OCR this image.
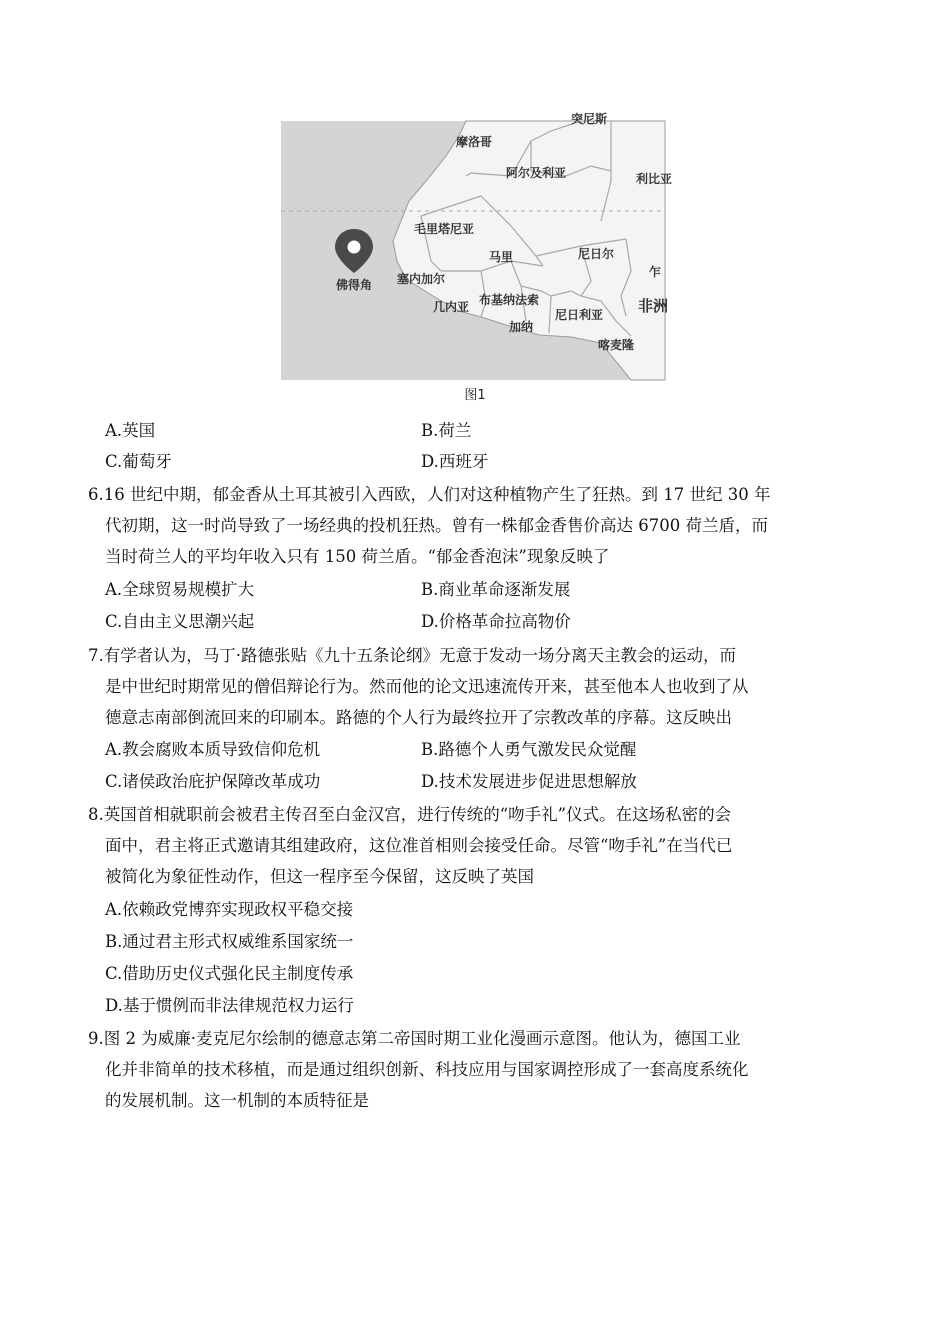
突尼斯
摩洛哥
阿尔及利亚	利比亚
毛里塔尼亚
马里	尼日尔
乍
佛得角 塞内加尔
布基纳法索
几内亚
尼日利亚 非洲
加纳
喀麦隆
图1
A.英国	B.荷兰
C.葡萄牙	D.西班牙
6.16 世纪中期，郁金香从土耳其被引入西欧，人们对这种植物产生了狂热。到 17 世纪 30 年
代初期，这一时尚导致了一场经典的投机狂热。曾有一株郁金香售价高达 6700 荷兰盾，而
当时荷兰人的平均年收入只有 150 荷兰盾。“郁金香泡沫”现象反映了
A.全球贸易规模扩大	B.商业革命逐渐发展
C.自由主义思潮兴起	D.价格革命拉高物价
7.有学者认为，马丁·路德张贴《九十五条论纲》无意于发动一场分离天主教会的运动，而
是中世纪时期常见的僧侣辩论行为。然而他的论文迅速流传开来，甚至他本人也收到了从
德意志南部倒流回来的印刷本。路德的个人行为最终拉开了宗教改革的序幕。这反映出
A.教会腐败本质导致信仰危机	B.路德个人勇气激发民众觉醒
C.诸侯政治庇护保障改革成功	D.技术发展进步促进思想解放
8.英国首相就职前会被君主传召至白金汉宫，进行传统的“吻手礼”仪式。在这场私密的会
面中，君主将正式邀请其组建政府，这位准首相则会接受任命。尽管“吻手礼”在当代已
被简化为象征性动作，但这一程序至今保留，这反映了英国
A.依赖政党博弈实现政权平稳交接
B.通过君主形式权威维系国家统一
C.借助历史仪式强化民主制度传承
D.基于惯例而非法律规范权力运行
9.图 2 为威廉·麦克尼尔绘制的德意志第二帝国时期工业化漫画示意图。他认为，德国工业
化并非简单的技术移植，而是通过组织创新、科技应用与国家调控形成了一套高度系统化
的发展机制。这一机制的本质特征是
